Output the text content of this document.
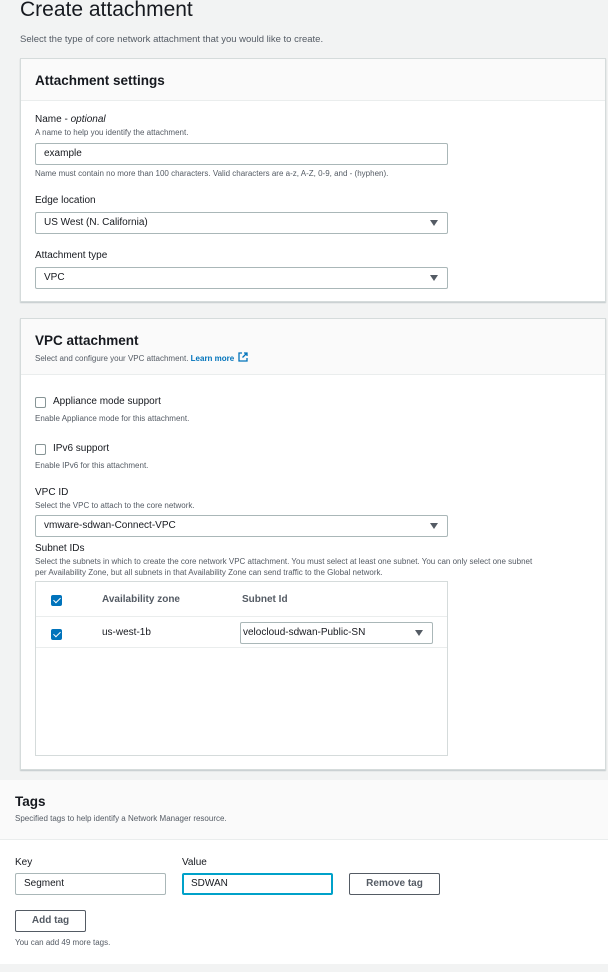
Create attachment
Select the type of core network attachment that you would like to create.
Attachment settings
Name - optional
A name to help you identify the attachment.
example
Name must contain no more than 100 characters. Valid characters are a-z, A-Z, 0-9, and - (hyphen).
Edge location
US West (N. California)
Attachment type
VPC
VPC attachment
Select and configure your VPC attachment. Learn more
Appliance mode support
Enable Appliance mode for this attachment.
IPv6 support
Enable IPv6 for this attachment.
VPC ID
Select the VPC to attach to the core network.
vmware-sdwan-Connect-VPC
Subnet IDs
Select the subnets in which to create the core network VPC attachment. You must select at least one subnet. You can only select one subnet
per Availability Zone, but all subnets in that Availability Zone can send traffic to the Global network.
Availability zone	Subnet Id
us-west-1b	velocloud-sdwan-Public-SN
Tags
Specified tags to help identify a Network Manager resource.
Key	Value
Segment	SDWAN	Remove tag
Add tag
You can add 49 more tags.
